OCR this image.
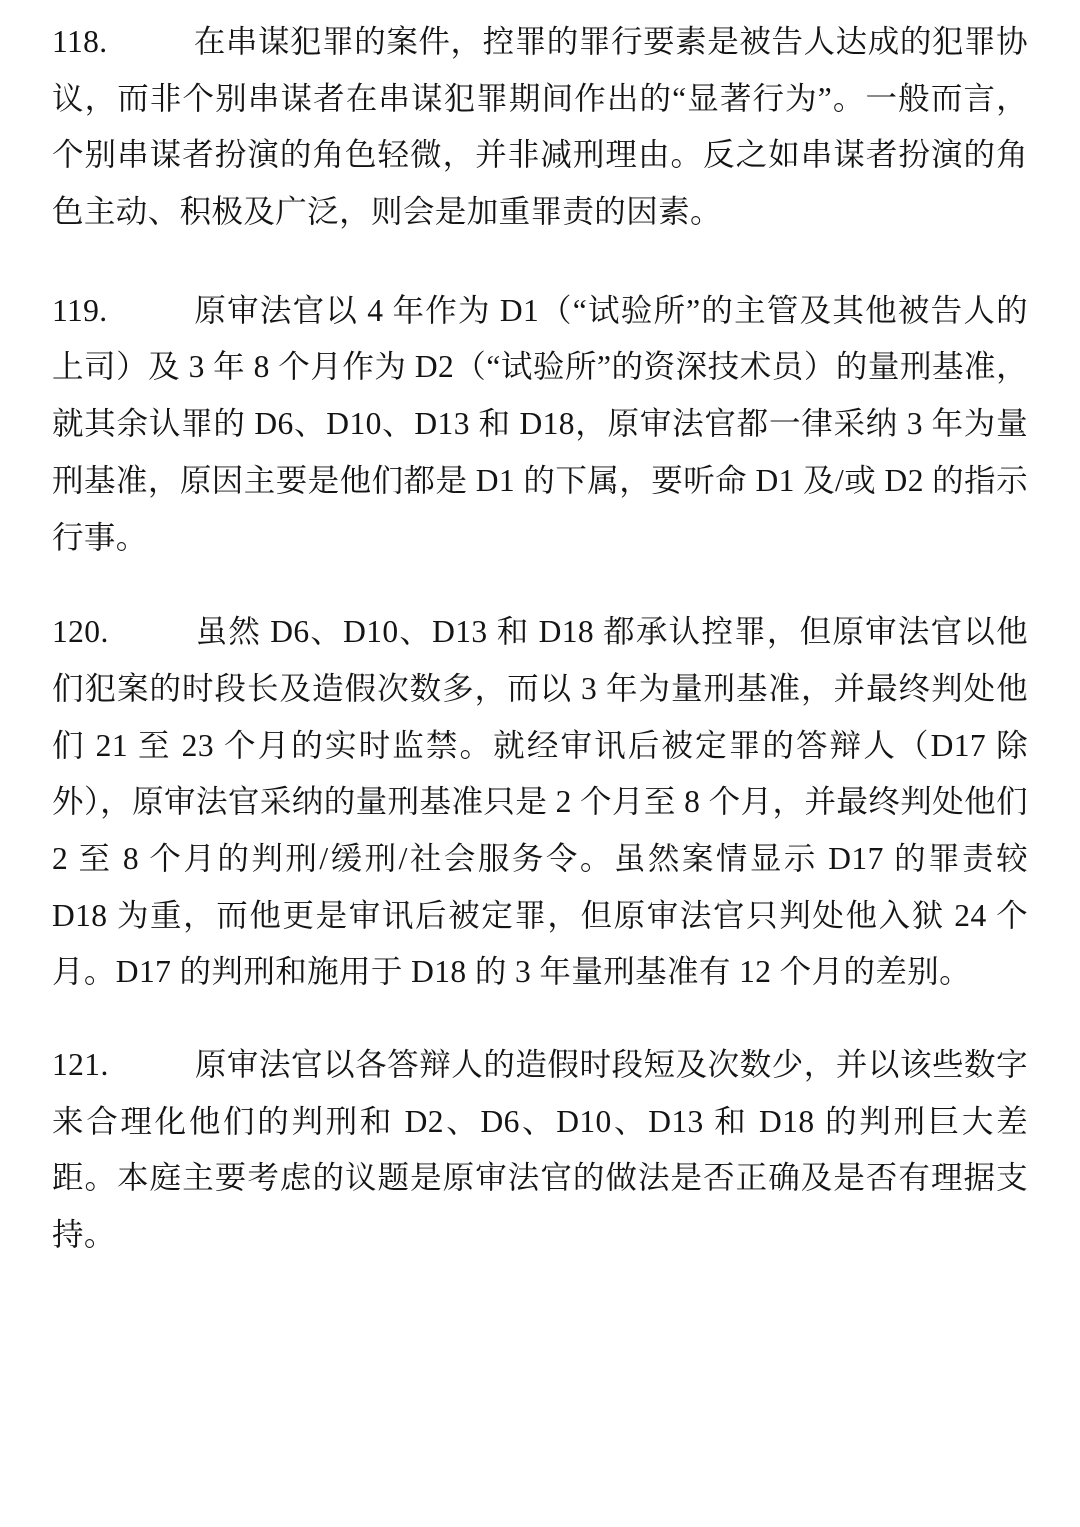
118.	在串谋犯罪的案件，控罪的罪行要素是被告人达成的犯罪协议，而非个别串谋者在串谋犯罪期间作出的“显著行为”。一般而言，个别串谋者扮演的角色轻微，并非减刑理由。反之如串谋者扮演的角色主动、积极及广泛，则会是加重罪责的因素。

119.	原审法官以 4 年作为 D1（“试验所”的主管及其他被告人的上司）及 3 年 8 个月作为 D2（“试验所”的资深技术员）的量刑基准，就其余认罪的 D6、D10、D13 和 D18，原审法官都一律采纳 3 年为量刑基准，原因主要是他们都是 D1 的下属，要听命 D1 及/或 D2 的指示行事。

120.	虽然 D6、D10、D13 和 D18 都承认控罪，但原审法官以他们犯案的时段长及造假次数多，而以 3 年为量刑基准，并最终判处他们 21 至 23 个月的实时监禁。就经审讯后被定罪的答辩人（D17 除外），原审法官采纳的量刑基准只是 2 个月至 8 个月，并最终判处他们 2 至 8 个月的判刑/缓刑/社会服务令。虽然案情显示 D17 的罪责较 D18 为重，而他更是审讯后被定罪，但原审法官只判处他入狱 24 个月。D17 的判刑和施用于 D18 的 3 年量刑基准有 12 个月的差别。

121.	原审法官以各答辩人的造假时段短及次数少，并以该些数字来合理化他们的判刑和 D2、D6、D10、D13 和 D18 的判刑巨大差距。本庭主要考虑的议题是原审法官的做法是否正确及是否有理据支持。
